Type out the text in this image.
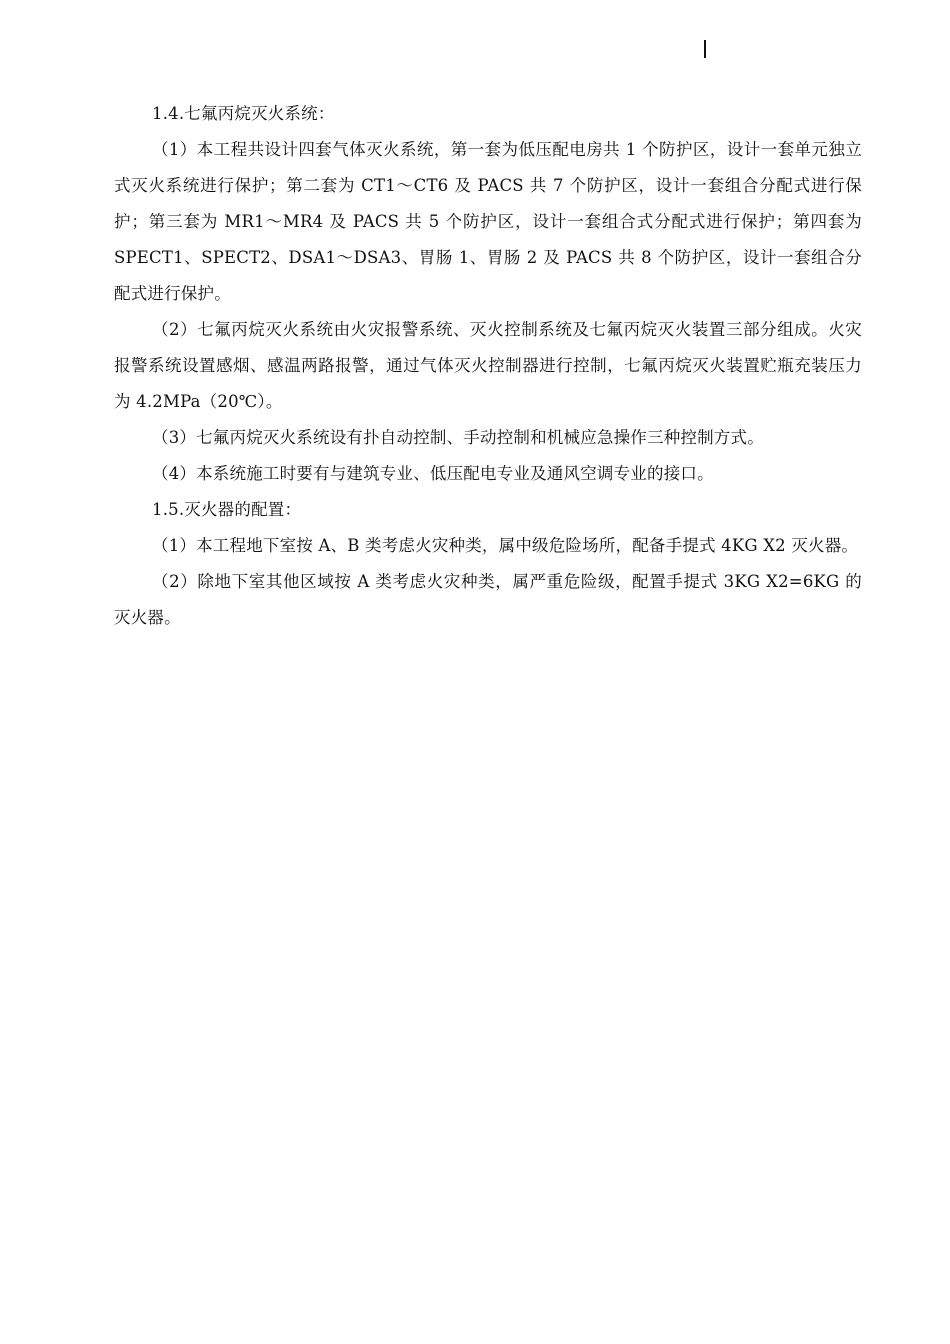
1.4.七氟丙烷灭火系统：

（1）本工程共设计四套气体灭火系统，第一套为低压配电房共 1 个防护区，设计一套单元独立式灭火系统进行保护；第二套为 CT1～CT6 及 PACS 共 7 个防护区，设计一套组合分配式进行保护；第三套为 MR1～MR4 及 PACS 共 5 个防护区，设计一套组合式分配式进行保护；第四套为 SPECT1、SPECT2、DSA1～DSA3、胃肠 1、胃肠 2 及 PACS 共 8 个防护区，设计一套组合分配式进行保护。

（2）七氟丙烷灭火系统由火灾报警系统、灭火控制系统及七氟丙烷灭火装置三部分组成。火灾报警系统设置感烟、感温两路报警，通过气体灭火控制器进行控制，七氟丙烷灭火装置贮瓶充装压力为 4.2MPa（20℃）。

（3）七氟丙烷灭火系统设有扑自动控制、手动控制和机械应急操作三种控制方式。

（4）本系统施工时要有与建筑专业、低压配电专业及通风空调专业的接口。

1.5.灭火器的配置：

（1）本工程地下室按 A、B 类考虑火灾种类，属中级危险场所，配备手提式 4KG X2 灭火器。

（2）除地下室其他区域按 A 类考虑火灾种类，属严重危险级，配置手提式 3KG X2=6KG 的灭火器。
